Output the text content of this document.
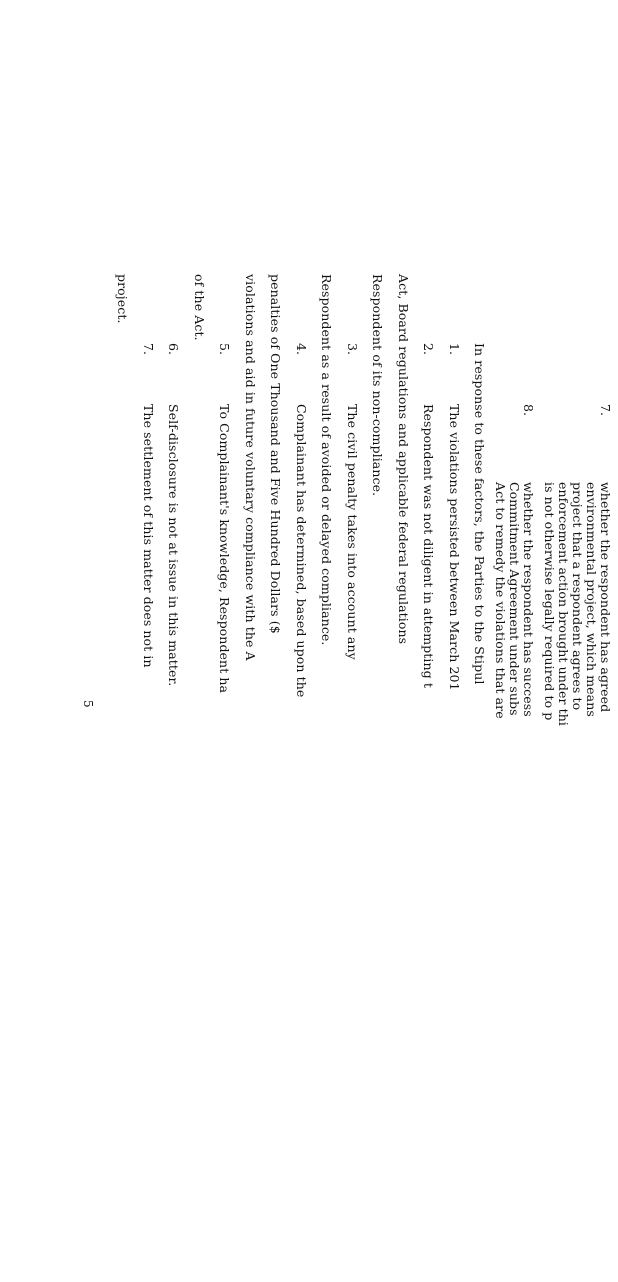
7.
whether the respondent has agreed
environmental project, which means
project that a respondent agrees to
enforcement action brought under thi
is not otherwise legally required to p
8.
whether the respondent has success
Commitment Agreement under subs
Act to remedy the violations that are
In response to these factors, the Parties to the Stipul
1.
The violations persisted between March 201
2.
Respondent was not diligent in attempting t
Act, Board regulations and applicable federal regulations
Respondent of its non-compliance.
3.
The civil penalty takes into account any
Respondent as a result of avoided or delayed compliance.
4.
Complainant has determined, based upon the
penalties of One Thousand and Five Hundred Dollars ($
violations and aid in future voluntary compliance with the A
5.
To Complainant's knowledge, Respondent ha
of the Act.
6.
Self-disclosure is not at issue in this matter.
7.
The settlement of this matter does not in
project.
5
